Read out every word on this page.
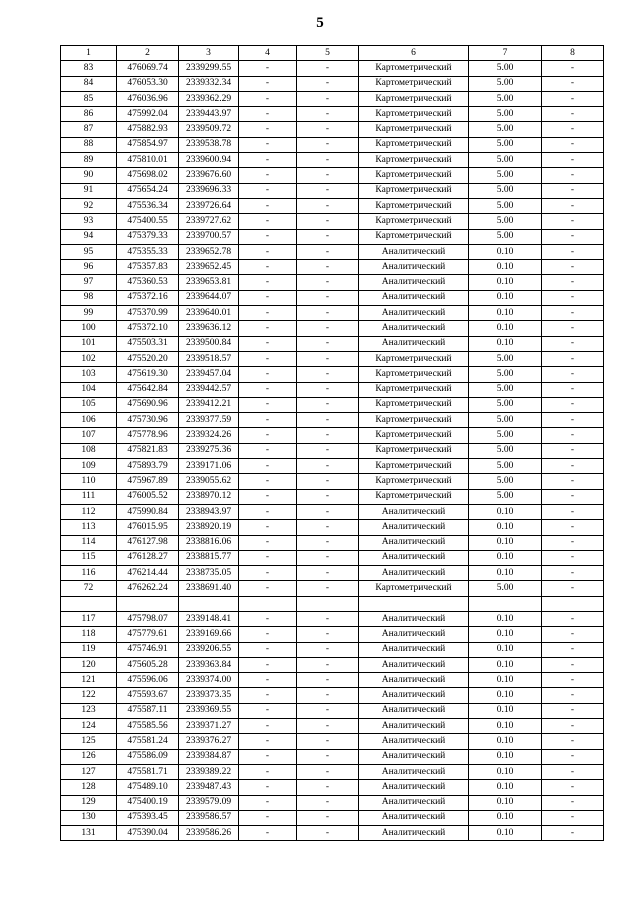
5
1	2	3	4	5	6	7	8
83	476069.74	2339299.55	-	-	Картометрический	5.00	-
84	476053.30	2339332.34	-	-	Картометрический	5.00	-
85	476036.96	2339362.29	-	-	Картометрический	5.00	-
86	475992.04	2339443.97	-	-	Картометрический	5.00	-
87	475882.93	2339509.72	-	-	Картометрический	5.00	-
88	475854.97	2339538.78	-	-	Картометрический	5.00	-
89	475810.01	2339600.94	-	-	Картометрический	5.00	-
90	475698.02	2339676.60	-	-	Картометрический	5.00	-
91	475654.24	2339696.33	-	-	Картометрический	5.00	-
92	475536.34	2339726.64	-	-	Картометрический	5.00	-
93	475400.55	2339727.62	-	-	Картометрический	5.00	-
94	475379.33	2339700.57	-	-	Картометрический	5.00	-
95	475355.33	2339652.78	-	-	Аналитический	0.10	-
96	475357.83	2339652.45	-	-	Аналитический	0.10	-
97	475360.53	2339653.81	-	-	Аналитический	0.10	-
98	475372.16	2339644.07	-	-	Аналитический	0.10	-
99	475370.99	2339640.01	-	-	Аналитический	0.10	-
100	475372.10	2339636.12	-	-	Аналитический	0.10	-
101	475503.31	2339500.84	-	-	Аналитический	0.10	-
102	475520.20	2339518.57	-	-	Картометрический	5.00	-
103	475619.30	2339457.04	-	-	Картометрический	5.00	-
104	475642.84	2339442.57	-	-	Картометрический	5.00	-
105	475690.96	2339412.21	-	-	Картометрический	5.00	-
106	475730.96	2339377.59	-	-	Картометрический	5.00	-
107	475778.96	2339324.26	-	-	Картометрический	5.00	-
108	475821.83	2339275.36	-	-	Картометрический	5.00	-
109	475893.79	2339171.06	-	-	Картометрический	5.00	-
110	475967.89	2339055.62	-	-	Картометрический	5.00	-
111	476005.52	2338970.12	-	-	Картометрический	5.00	-
112	475990.84	2338943.97	-	-	Аналитический	0.10	-
113	476015.95	2338920.19	-	-	Аналитический	0.10	-
114	476127.98	2338816.06	-	-	Аналитический	0.10	-
115	476128.27	2338815.77	-	-	Аналитический	0.10	-
116	476214.44	2338735.05	-	-	Аналитический	0.10	-
72	476262.24	2338691.40	-	-	Картометрический	5.00	-

117	475798.07	2339148.41	-	-	Аналитический	0.10	-
118	475779.61	2339169.66	-	-	Аналитический	0.10	-
119	475746.91	2339206.55	-	-	Аналитический	0.10	-
120	475605.28	2339363.84	-	-	Аналитический	0.10	-
121	475596.06	2339374.00	-	-	Аналитический	0.10	-
122	475593.67	2339373.35	-	-	Аналитический	0.10	-
123	475587.11	2339369.55	-	-	Аналитический	0.10	-
124	475585.56	2339371.27	-	-	Аналитический	0.10	-
125	475581.24	2339376.27	-	-	Аналитический	0.10	-
126	475586.09	2339384.87	-	-	Аналитический	0.10	-
127	475581.71	2339389.22	-	-	Аналитический	0.10	-
128	475489.10	2339487.43	-	-	Аналитический	0.10	-
129	475400.19	2339579.09	-	-	Аналитический	0.10	-
130	475393.45	2339586.57	-	-	Аналитический	0.10	-
131	475390.04	2339586.26	-	-	Аналитический	0.10	-
